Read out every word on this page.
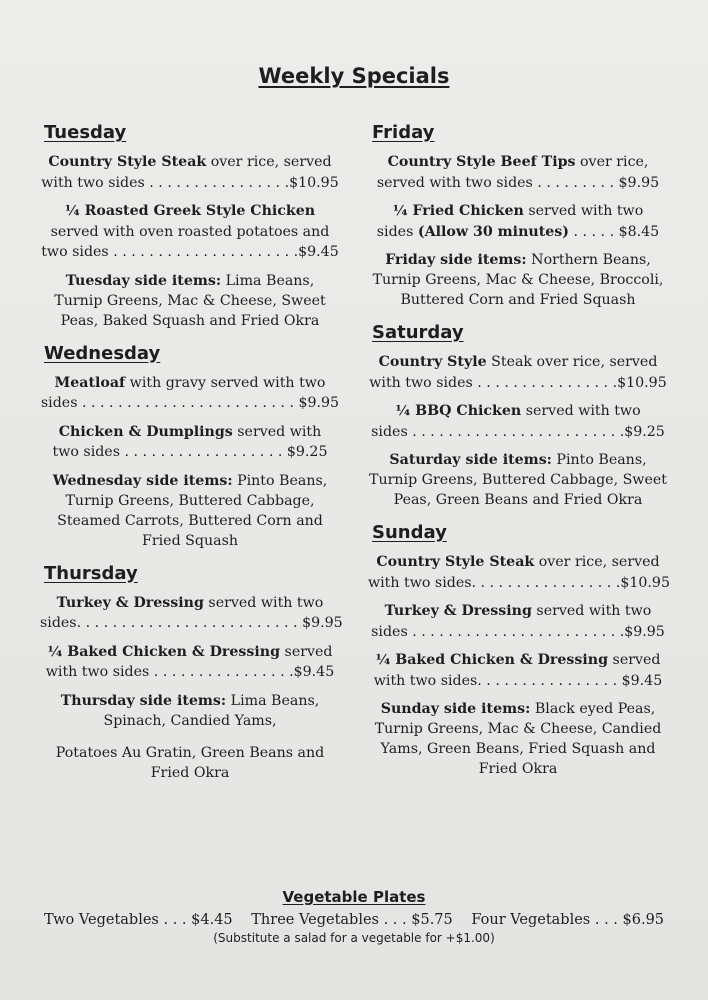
Weekly Specials
Tuesday
Country Style Steak over rice, served
with two sides . . . . . . . . . . . . . . . .$10.95
¼ Roasted Greek Style Chicken
served with oven roasted potatoes and
two sides . . . . . . . . . . . . . . . . . . . . .$9.45
Tuesday side items: Lima Beans, Turnip Greens, Mac & Cheese, Sweet Peas, Baked Squash and Fried Okra
Wednesday
Meatloaf with gravy served with two
sides . . . . . . . . . . . . . . . . . . . . . . . . $9.95
Chicken & Dumplings served with
two sides . . . . . . . . . . . . . . . . . . $9.25
Wednesday side items: Pinto Beans, Turnip Greens, Buttered Cabbage, Steamed Carrots, Buttered Corn and Fried Squash
Thursday
Turkey & Dressing served with two
sides. . . . . . . . . . . . . . . . . . . . . . . . . $9.95
¼ Baked Chicken & Dressing served
with two sides . . . . . . . . . . . . . . . .$9.45
Thursday side items: Lima Beans, Spinach, Candied Yams,
Potatoes Au Gratin, Green Beans and Fried Okra
Friday
Country Style Beef Tips over rice,
served with two sides . . . . . . . . . $9.95
¼ Fried Chicken served with two
sides (Allow 30 minutes) . . . . . $8.45
Friday side items: Northern Beans, Turnip Greens, Mac & Cheese, Broccoli, Buttered Corn and Fried Squash
Saturday
Country Style Steak over rice, served
with two sides . . . . . . . . . . . . . . . .$10.95
¼ BBQ Chicken served with two
sides . . . . . . . . . . . . . . . . . . . . . . . .$9.25
Saturday side items: Pinto Beans, Turnip Greens, Buttered Cabbage, Sweet Peas, Green Beans and Fried Okra
Sunday
Country Style Steak over rice, served
with two sides. . . . . . . . . . . . . . . . .$10.95
Turkey & Dressing served with two
sides . . . . . . . . . . . . . . . . . . . . . . . .$9.95
¼ Baked Chicken & Dressing served
with two sides. . . . . . . . . . . . . . . . $9.45
Sunday side items: Black eyed Peas, Turnip Greens, Mac & Cheese, Candied Yams, Green Beans, Fried Squash and Fried Okra
Vegetable Plates
Two Vegetables . . . $4.45 Three Vegetables . . . $5.75 Four Vegetables . . . $6.95
(Substitute a salad for a vegetable for +$1.00)
